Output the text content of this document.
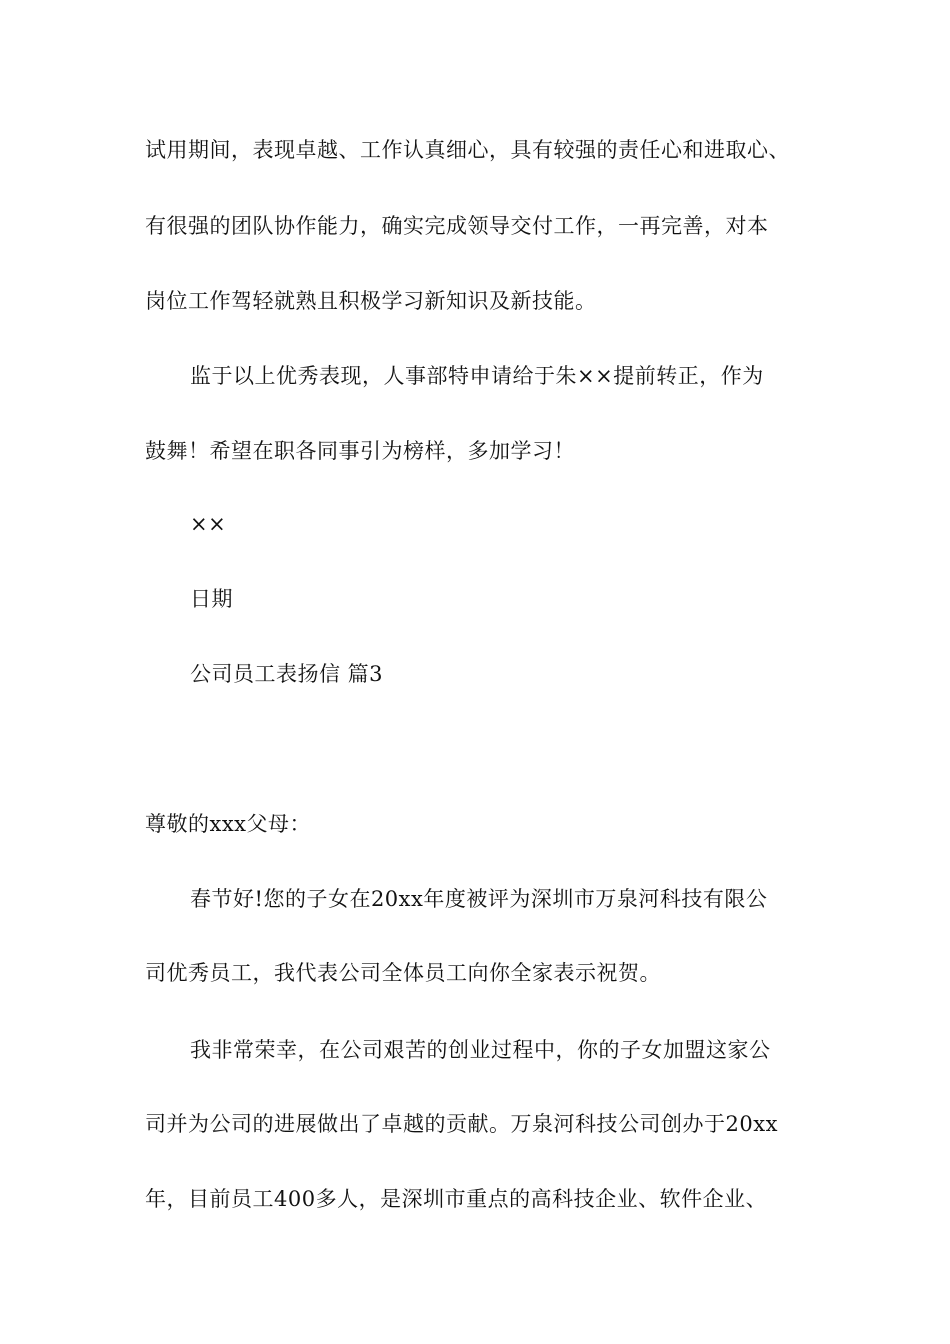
试用期间，表现卓越、工作认真细心，具有较强的责任心和进取心、
有很强的团队协作能力，确实完成领导交付工作，一再完善，对本
岗位工作驾轻就熟且积极学习新知识及新技能。
监于以上优秀表现，人事部特申请给于朱××提前转正，作为
鼓舞！希望在职各同事引为榜样，多加学习！
××
日期
公司员工表扬信 篇3
尊敬的xxx父母：
春节好!您的子女在20xx年度被评为深圳市万泉河科技有限公
司优秀员工，我代表公司全体员工向你全家表示祝贺。
我非常荣幸，在公司艰苦的创业过程中，你的子女加盟这家公
司并为公司的进展做出了卓越的贡献。万泉河科技公司创办于20xx
年，目前员工400多人，是深圳市重点的高科技企业、软件企业、
